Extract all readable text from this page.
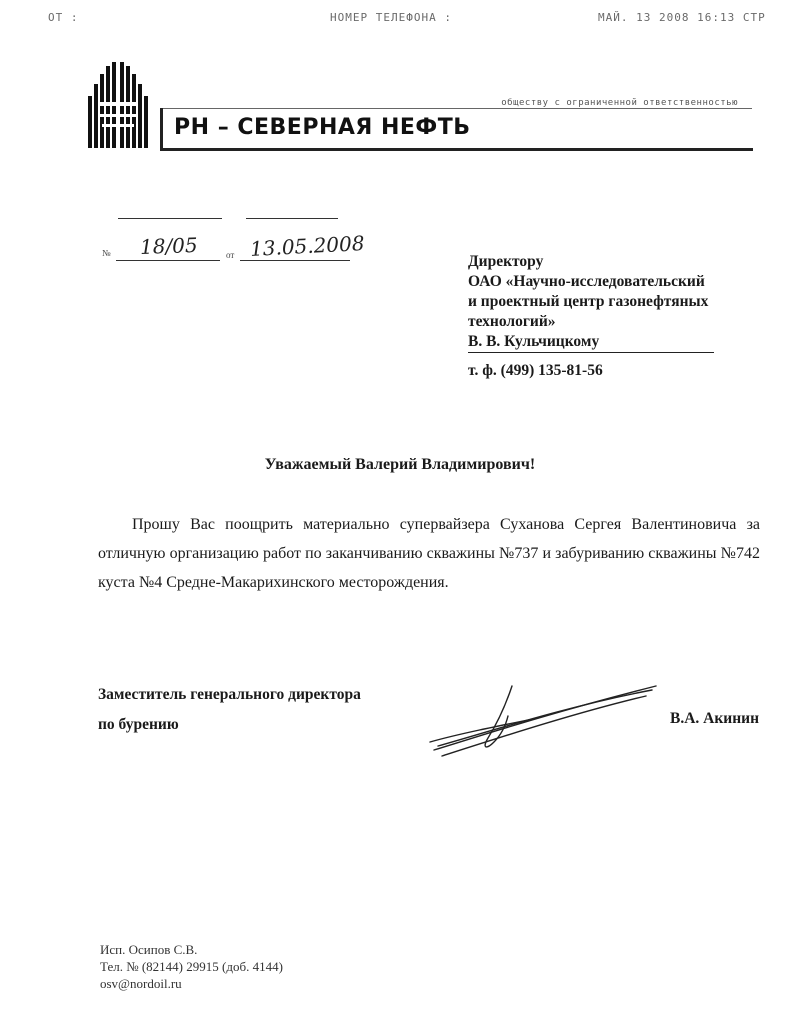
OT :	НОМЕР ТЕЛЕФОНА :	МАЙ. 13 2008 16:13 СТР
обществу с ограниченной ответственностью
РН – СЕВЕРНАЯ НЕФТЬ
№ 18/05	от 13.05.2008
Директору
ОАО «Научно-исследовательский
и проектный центр газонефтяных
технологий»
В. В. Кульчицкому
т. ф. (499) 135-81-56
Уважаемый Валерий Владимирович!

Прошу Вас поощрить материально супервайзера Суханова Сергея Валентиновича за отличную организацию работ по заканчиванию скважины №737 и забуриванию скважины №742 куста №4 Средне-Макарихинского месторождения.

Заместитель генерального директора
по бурению	В.А. Акинин
Исп. Осипов С.В.
Тел. № (82144) 29915 (доб. 4144)
osv@nordoil.ru
